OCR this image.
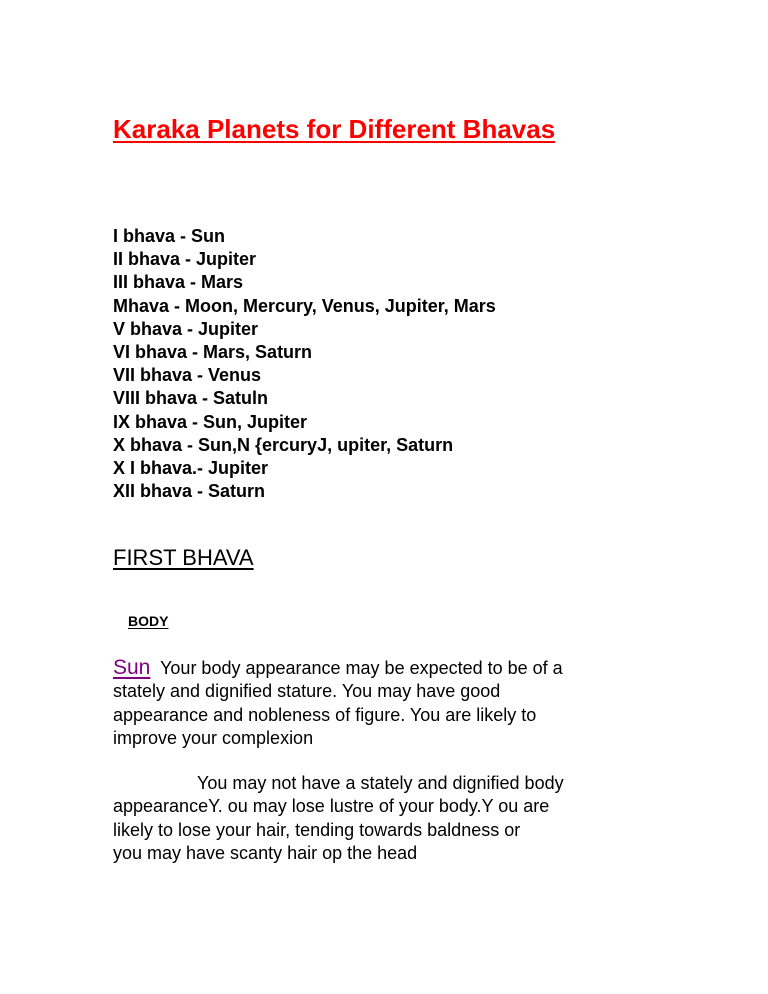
Karaka Planets for Different Bhavas
I bhava - Sun
II bhava - Jupiter
III bhava - Mars
Mhava - Moon, Mercury, Venus, Jupiter, Mars
V bhava - Jupiter
VI bhava - Mars, Saturn
VII bhava - Venus
VIII bhava - Satuln
IX bhava - Sun, Jupiter
X bhava - Sun,N {ercuryJ, upiter, Saturn
X I bhava.- Jupiter
XII bhava - Saturn
FIRST BHAVA
BODY

Sun Your body appearance may be expected to be of a
stately and dignified stature. You may have good
appearance and nobleness of figure. You are likely to
improve your complexion

You may not have a stately and dignified body
appearanceY. ou may lose lustre of your body.Y ou are
likely to lose your hair, tending towards baldness or
you may have scanty hair op the head
